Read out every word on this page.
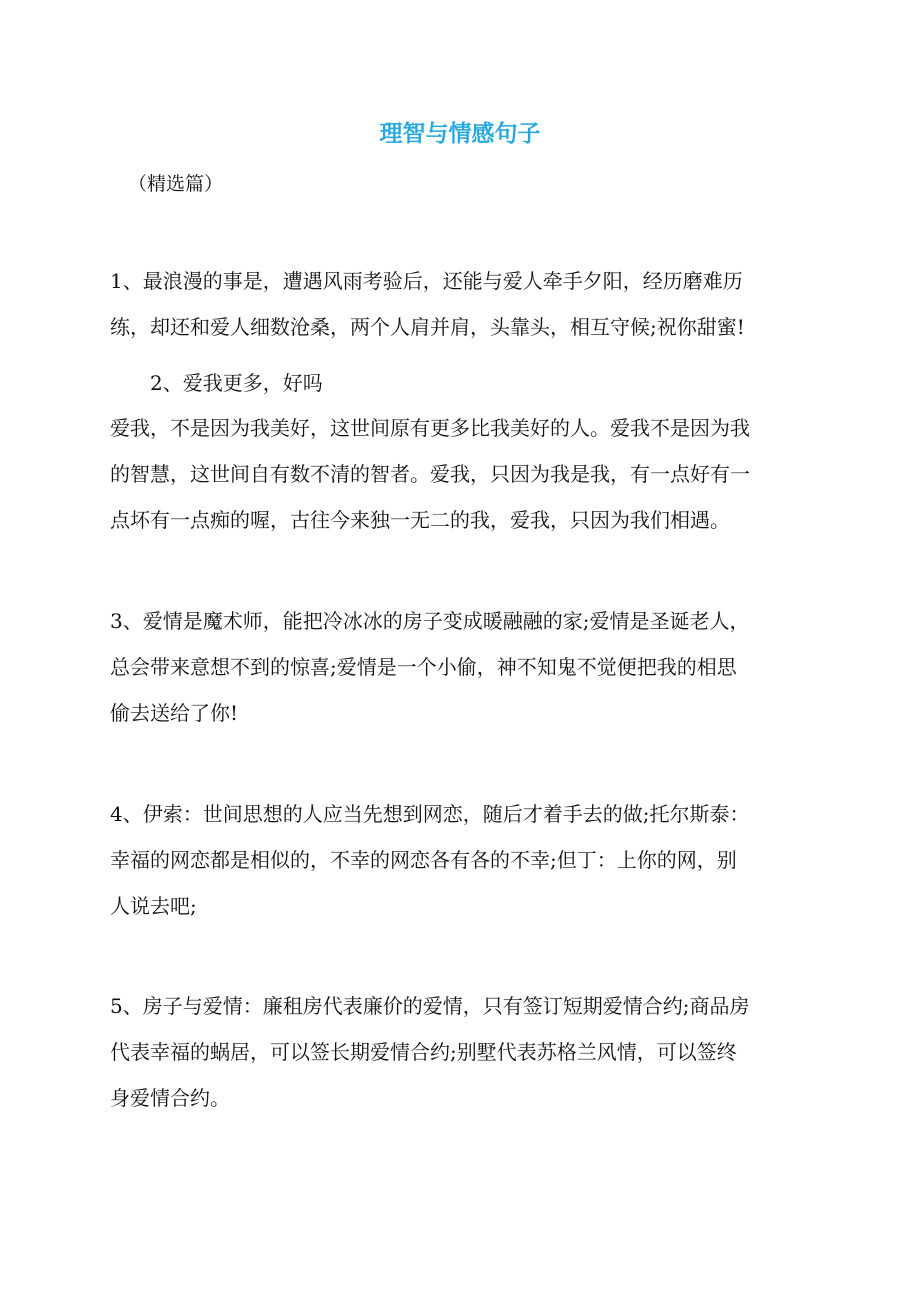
理智与情感句子
（精选篇）
1、最浪漫的事是，遭遇风雨考验后，还能与爱人牵手夕阳，经历磨难历
练，却还和爱人细数沧桑，两个人肩并肩，头靠头，相互守候;祝你甜蜜!
2、爱我更多，好吗
爱我，不是因为我美好，这世间原有更多比我美好的人。爱我不是因为我
的智慧，这世间自有数不清的智者。爱我，只因为我是我，有一点好有一
点坏有一点痴的喔，古往今来独一无二的我，爱我，只因为我们相遇。
3、爱情是魔术师，能把冷冰冰的房子变成暖融融的家;爱情是圣诞老人，
总会带来意想不到的惊喜;爱情是一个小偷，神不知鬼不觉便把我的相思
偷去送给了你!
4、伊索：世间思想的人应当先想到网恋，随后才着手去的做;托尔斯泰：
幸福的网恋都是相似的，不幸的网恋各有各的不幸;但丁：上你的网，别
人说去吧;
5、房子与爱情：廉租房代表廉价的爱情，只有签订短期爱情合约;商品房
代表幸福的蜗居，可以签长期爱情合约;别墅代表苏格兰风情，可以签终
身爱情合约。
